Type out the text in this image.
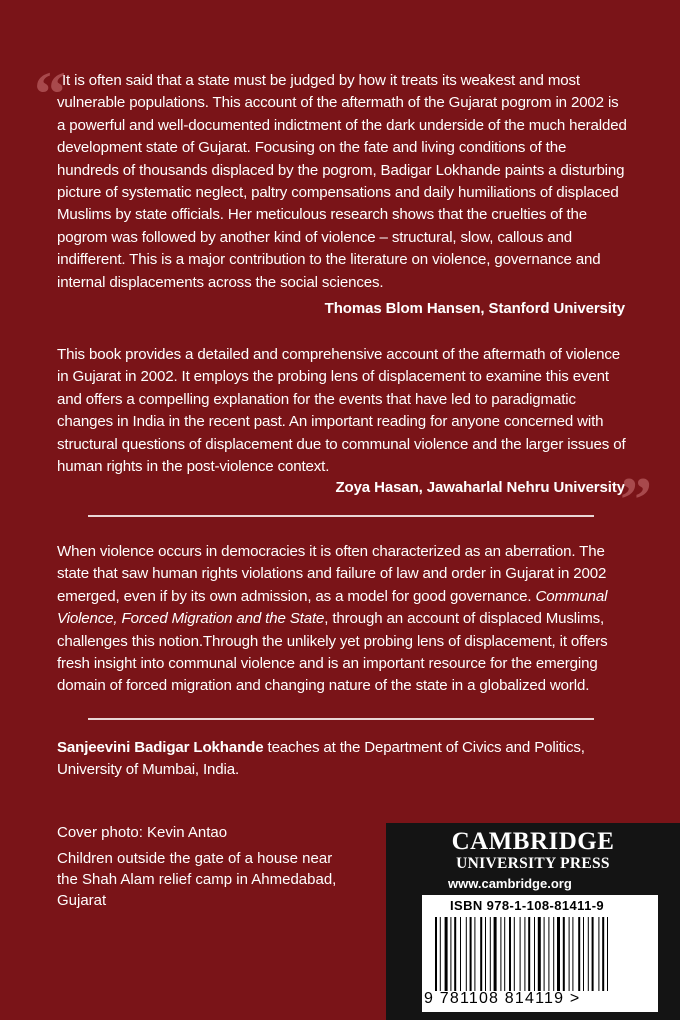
“

It is often said that a state must be judged by how it treats its weakest and most vulnerable populations. This account of the aftermath of the Gujarat pogrom in 2002 is a powerful and well-documented indictment of the dark underside of the much heralded development state of Gujarat. Focusing on the fate and living conditions of the hundreds of thousands displaced by the pogrom, Badigar Lokhande paints a disturbing picture of systematic neglect, paltry compensations and daily humiliations of displaced Muslims by state officials. Her meticulous research shows that the cruelties of the pogrom was followed by another kind of violence – structural, slow, callous and indifferent. This is a major contribution to the literature on violence, governance and internal displacements across the social sciences.

Thomas Blom Hansen, Stanford University

This book provides a detailed and comprehensive account of the aftermath of violence in Gujarat in 2002. It employs the probing lens of displacement to examine this event and offers a compelling explanation for the events that have led to paradigmatic changes in India in the recent past. An important reading for anyone concerned with structural questions of displacement due to communal violence and the larger issues of human rights in the post-violence context.

Zoya Hasan, Jawaharlal Nehru University

”

When violence occurs in democracies it is often characterized as an aberration. The state that saw human rights violations and failure of law and order in Gujarat in 2002 emerged, even if by its own admission, as a model for good governance. Communal Violence, Forced Migration and the State, through an account of displaced Muslims, challenges this notion.Through the unlikely yet probing lens of displacement, it offers fresh insight into communal violence and is an important resource for the emerging domain of forced migration and changing nature of the state in a globalized world.

Sanjeevini Badigar Lokhande teaches at the Department of Civics and Politics, University of Mumbai, India.

Cover photo: Kevin Antao

Children outside the gate of a house near the Shah Alam relief camp in Ahmedabad, Gujarat

CAMBRIDGE
UNIVERSITY PRESS
www.cambridge.org
ISBN 978-1-108-81411-9
9 781108 814119 >
